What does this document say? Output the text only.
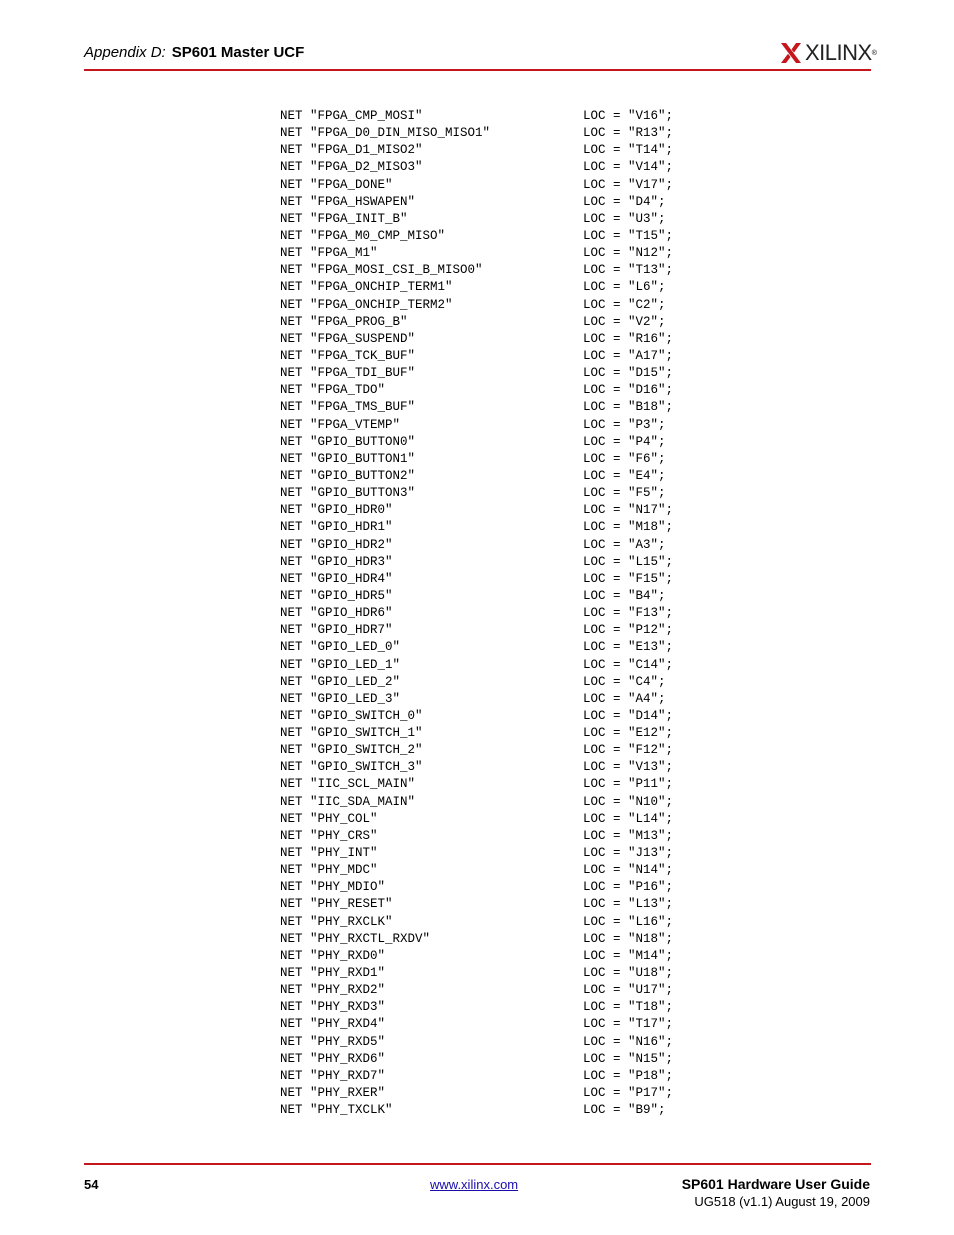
Appendix D: SP601 Master UCF	XILINX ®
NET "FPGA_CMP_MOSI"	LOC = "V16";
NET "FPGA_D0_DIN_MISO_MISO1"	LOC = "R13";
NET "FPGA_D1_MISO2"	LOC = "T14";
NET "FPGA_D2_MISO3"	LOC = "V14";
NET "FPGA_DONE"	LOC = "V17";
NET "FPGA_HSWAPEN"	LOC = "D4";
NET "FPGA_INIT_B"	LOC = "U3";
NET "FPGA_M0_CMP_MISO"	LOC = "T15";
NET "FPGA_M1"	LOC = "N12";
NET "FPGA_MOSI_CSI_B_MISO0"	LOC = "T13";
NET "FPGA_ONCHIP_TERM1"	LOC = "L6";
NET "FPGA_ONCHIP_TERM2"	LOC = "C2";
NET "FPGA_PROG_B"	LOC = "V2";
NET "FPGA_SUSPEND"	LOC = "R16";
NET "FPGA_TCK_BUF"	LOC = "A17";
NET "FPGA_TDI_BUF"	LOC = "D15";
NET "FPGA_TDO"	LOC = "D16";
NET "FPGA_TMS_BUF"	LOC = "B18";
NET "FPGA_VTEMP"	LOC = "P3";
NET "GPIO_BUTTON0"	LOC = "P4";
NET "GPIO_BUTTON1"	LOC = "F6";
NET "GPIO_BUTTON2"	LOC = "E4";
NET "GPIO_BUTTON3"	LOC = "F5";
NET "GPIO_HDR0"	LOC = "N17";
NET "GPIO_HDR1"	LOC = "M18";
NET "GPIO_HDR2"	LOC = "A3";
NET "GPIO_HDR3"	LOC = "L15";
NET "GPIO_HDR4"	LOC = "F15";
NET "GPIO_HDR5"	LOC = "B4";
NET "GPIO_HDR6"	LOC = "F13";
NET "GPIO_HDR7"	LOC = "P12";
NET "GPIO_LED_0"	LOC = "E13";
NET "GPIO_LED_1"	LOC = "C14";
NET "GPIO_LED_2"	LOC = "C4";
NET "GPIO_LED_3"	LOC = "A4";
NET "GPIO_SWITCH_0"	LOC = "D14";
NET "GPIO_SWITCH_1"	LOC = "E12";
NET "GPIO_SWITCH_2"	LOC = "F12";
NET "GPIO_SWITCH_3"	LOC = "V13";
NET "IIC_SCL_MAIN"	LOC = "P11";
NET "IIC_SDA_MAIN"	LOC = "N10";
NET "PHY_COL"	LOC = "L14";
NET "PHY_CRS"	LOC = "M13";
NET "PHY_INT"	LOC = "J13";
NET "PHY_MDC"	LOC = "N14";
NET "PHY_MDIO"	LOC = "P16";
NET "PHY_RESET"	LOC = "L13";
NET "PHY_RXCLK"	LOC = "L16";
NET "PHY_RXCTL_RXDV"	LOC = "N18";
NET "PHY_RXD0"	LOC = "M14";
NET "PHY_RXD1"	LOC = "U18";
NET "PHY_RXD2"	LOC = "U17";
NET "PHY_RXD3"	LOC = "T18";
NET "PHY_RXD4"	LOC = "T17";
NET "PHY_RXD5"	LOC = "N16";
NET "PHY_RXD6"	LOC = "N15";
NET "PHY_RXD7"	LOC = "P18";
NET "PHY_RXER"	LOC = "P17";
NET "PHY_TXCLK"	LOC = "B9";
54	www.xilinx.com	SP601 Hardware User Guide
UG518 (v1.1) August 19, 2009
